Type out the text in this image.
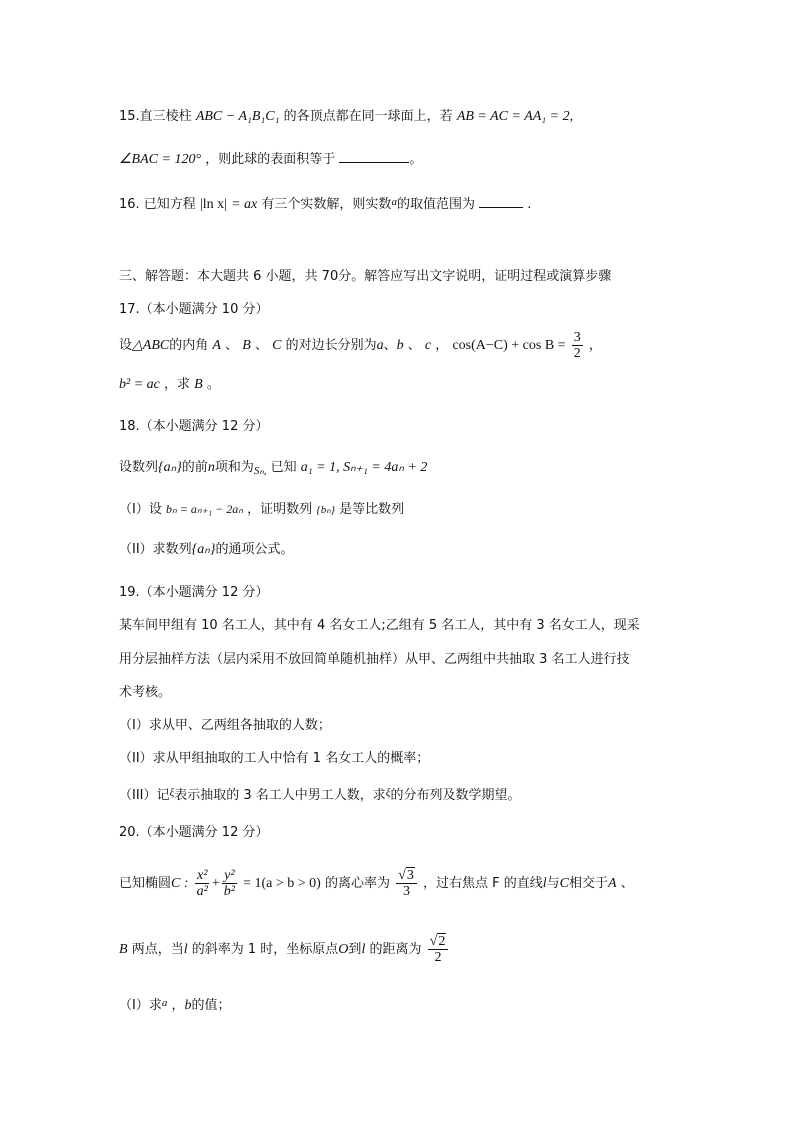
15.直三棱柱 ABC − A₁B₁C₁ 的各顶点都在同一球面上，若 AB = AC = AA₁ = 2,
∠BAC = 120° ，则此球的表面积等于	。
16. 已知方程 |ln x| = ax 有三个实数解，则实数$^a$的取值范围为	.
三、解答题：本大题共 6 小题，共 70分。解答应写出文字说明，证明过程或演算步骤
17.（本小题满分 10 分）
设△ABC的内角 A 、 B 、 C 的对边长分别为a、b 、 c ， $\cos(A-C) + \cos B = \frac{3}{2}$ ，
b² = ac ，求 B 。
18.（本小题满分 12 分）
设数列{aₙ}的前n项和为$_{S_n,}$ 已知 a₁ = 1, Sₙ₊₁ = 4aₙ + 2
（I）设 bₙ = aₙ₊₁ − 2aₙ ，证明数列 {bₙ} 是等比数列
（II）求数列{aₙ}的通项公式。
19.（本小题满分 12 分）
某车间甲组有 10 名工人，其中有 4 名女工人;乙组有 5 名工人，其中有 3 名女工人，现采
用分层抽样方法（层内采用不放回简单随机抽样）从甲、乙两组中共抽取 3 名工人进行技
术考核。
（I）求从甲、乙两组各抽取的人数；
（II）求从甲组抽取的工人中恰有 1 名女工人的概率；
（III）记$^\xi$表示抽取的 3 名工人中男工人数，求$^\xi$的分布列及数学期望。
20.（本小题满分 12 分）
已知椭圆C : $\frac{\text{x²}}{\text{a²}} + \frac{\text{y²}}{\text{b²}} = 1(a > b > 0)$ 的离心率为 $\frac{√3}{3}$ ，过右焦点 F 的直线l与C相交于A 、
B 两点，当l 的斜率为 1 时，坐标原点O到l 的距离为 $\frac{√2}{2}$
（I）求$^a$ ，b的值；
